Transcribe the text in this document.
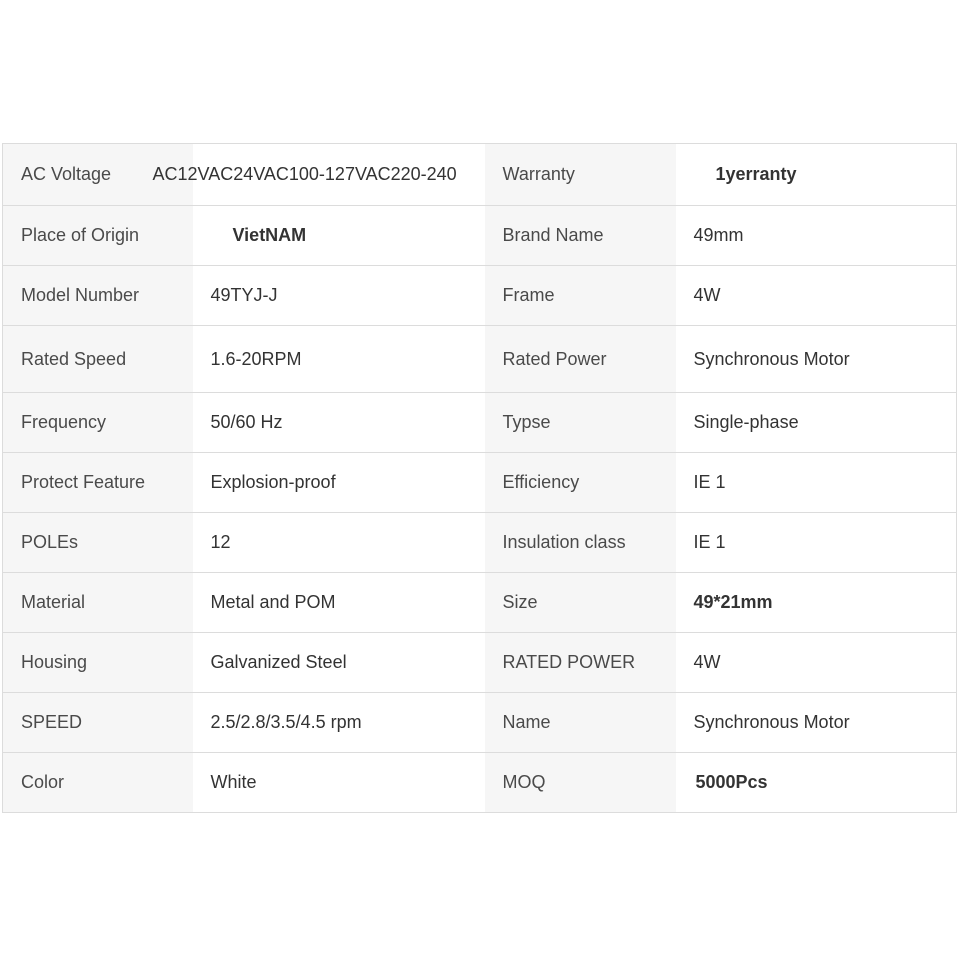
AC Voltage	AC12VAC24VAC100-127VAC220-240	Warranty	1yerranty
Place of Origin	VietNAM	Brand Name	49mm
Model Number	49TYJ-J	Frame	4W
Rated Speed	1.6-20RPM	Rated Power	Synchronous Motor
Frequency	50/60 Hz	Typse	Single-phase
Protect Feature	Explosion-proof	Efficiency	IE 1
POLEs	12	Insulation class	IE 1
Material	Metal and POM	Size	49*21mm
Housing	Galvanized Steel	RATED POWER	4W
SPEED	2.5/2.8/3.5/4.5 rpm	Name	Synchronous Motor
Color	White	MOQ	5000Pcs
